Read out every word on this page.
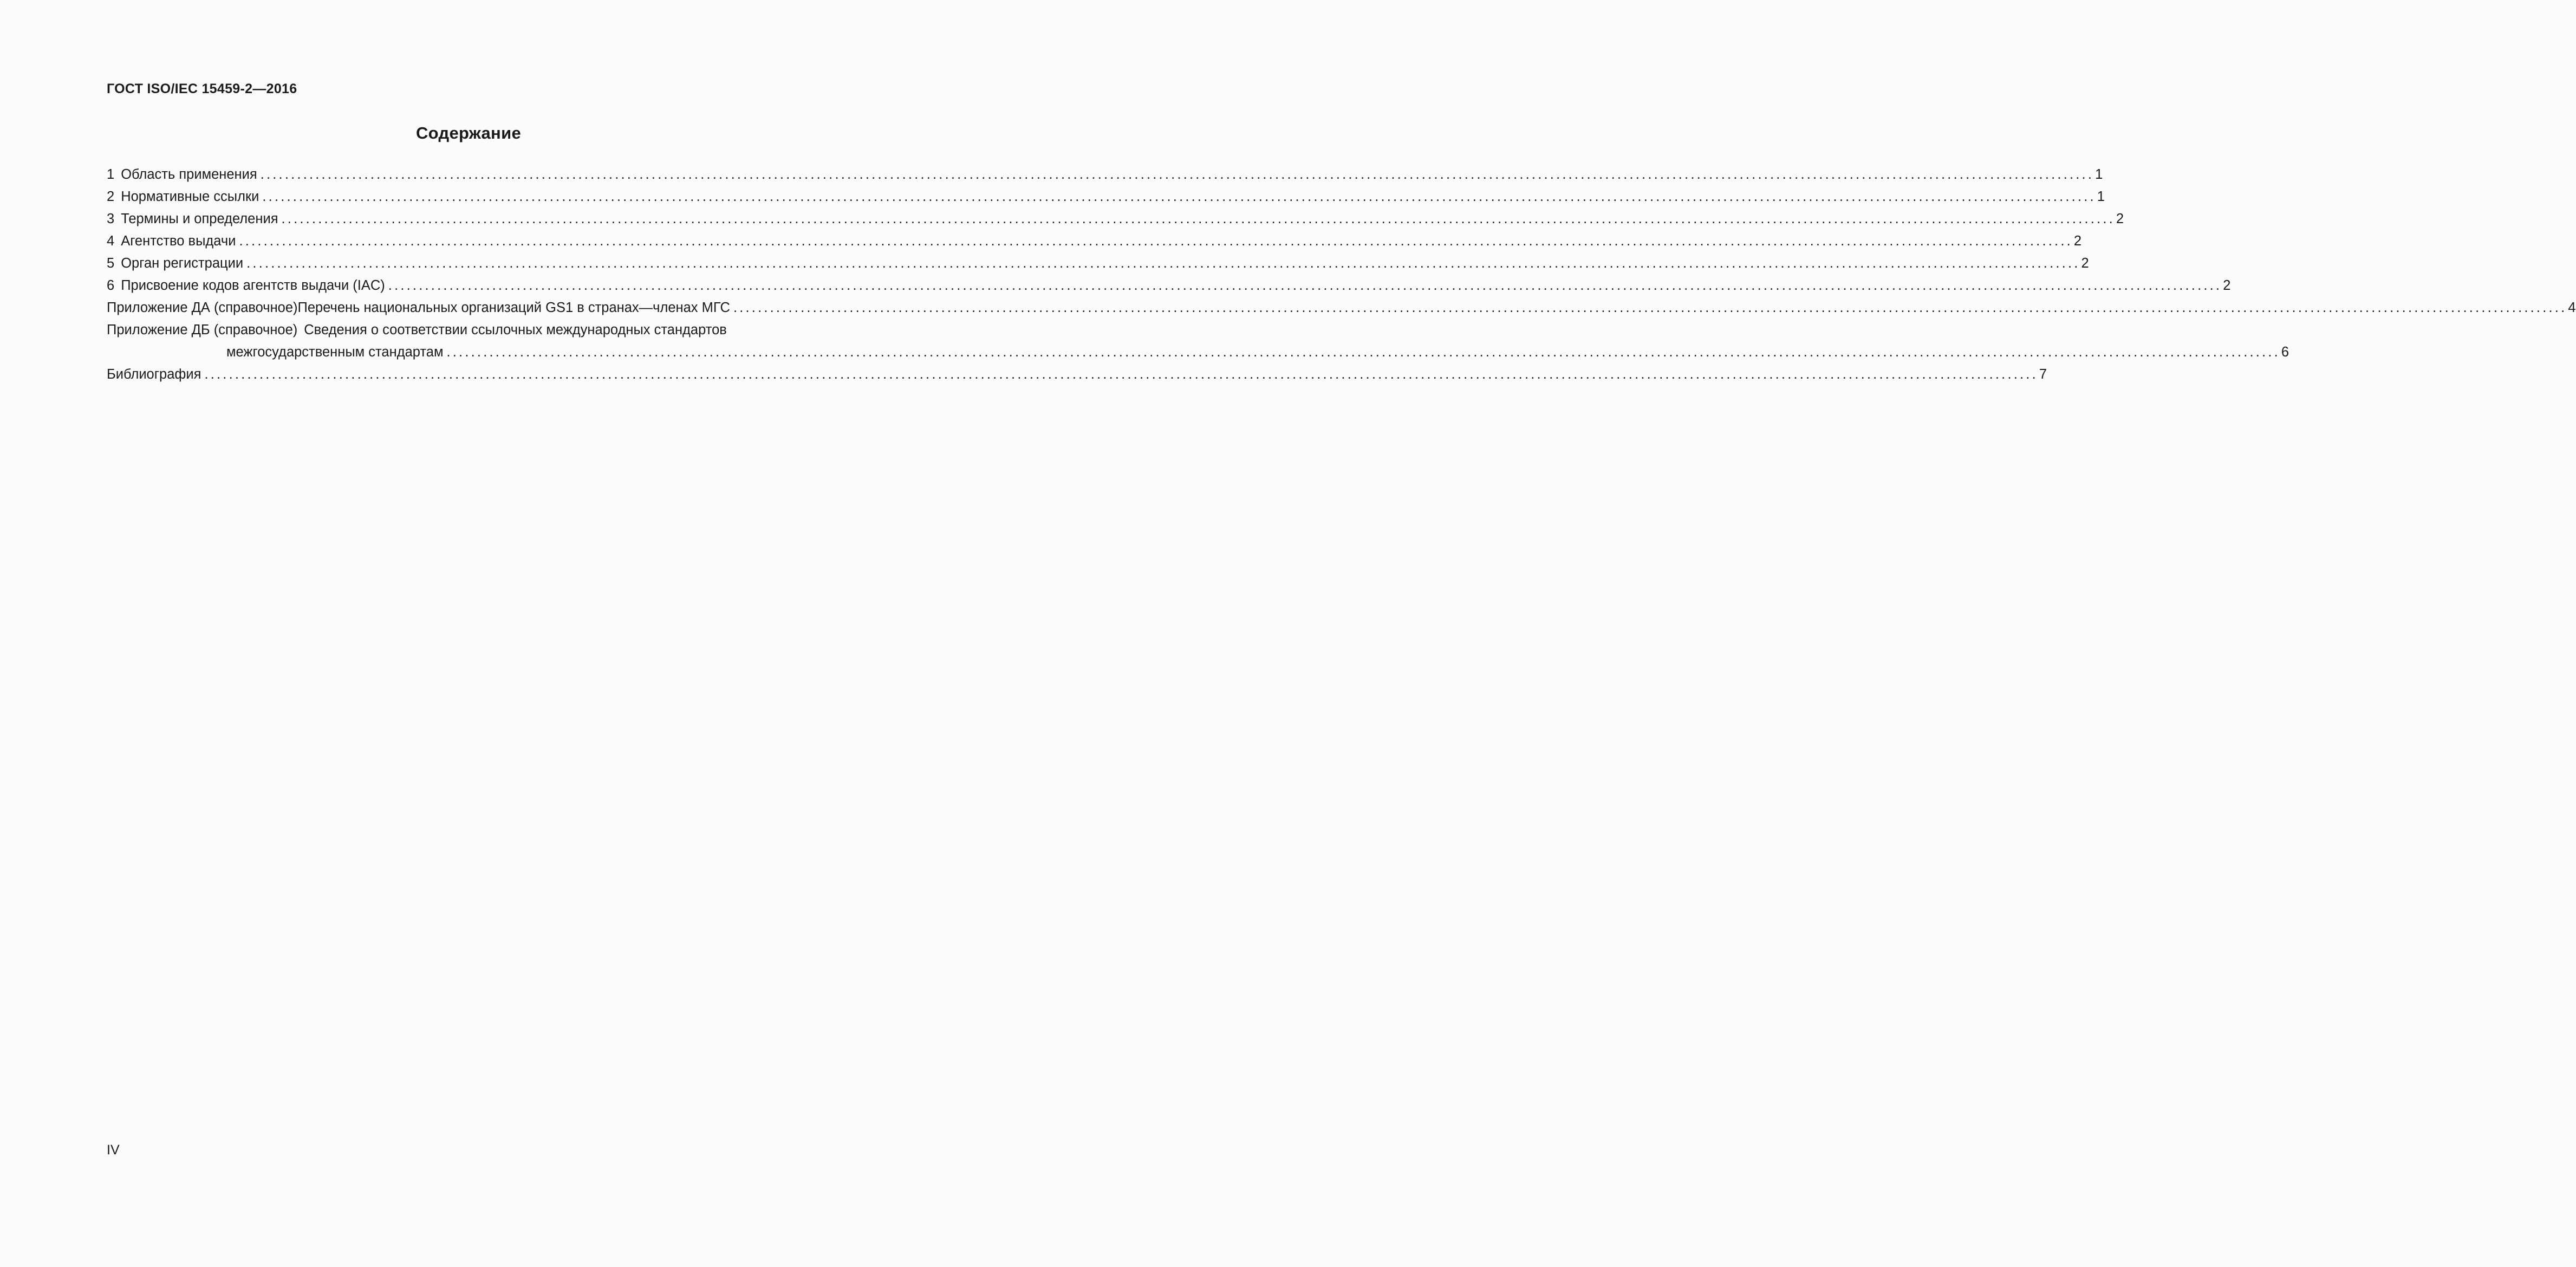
ГОСТ ISO/IEC 15459-2—2016
Содержание
1 Область применения ............................................................................................................................................................................................................................................................................................................ 1
2 Нормативные ссылки ............................................................................................................................................................................................................................................................................................................ 1
3 Термины и определения ............................................................................................................................................................................................................................................................................................................ 2
4 Агентство выдачи ............................................................................................................................................................................................................................................................................................................ 2
5 Орган регистрации ............................................................................................................................................................................................................................................................................................................ 2
6 Присвоение кодов агентств выдачи (IAC) ............................................................................................................................................................................................................................................................................................................ 2
Приложение ДА (справочное) Перечень национальных организаций GS1 в странах—членах МГС ............................................................................................................................................................................................................................................................................................................ 4
Приложение ДБ (справочное) Сведения о соответствии ссылочных международных стандартов
межгосударственным стандартам ............................................................................................................................................................................................................................................................................................................ 6
Библиография ............................................................................................................................................................................................................................................................................................................ 7
IV
